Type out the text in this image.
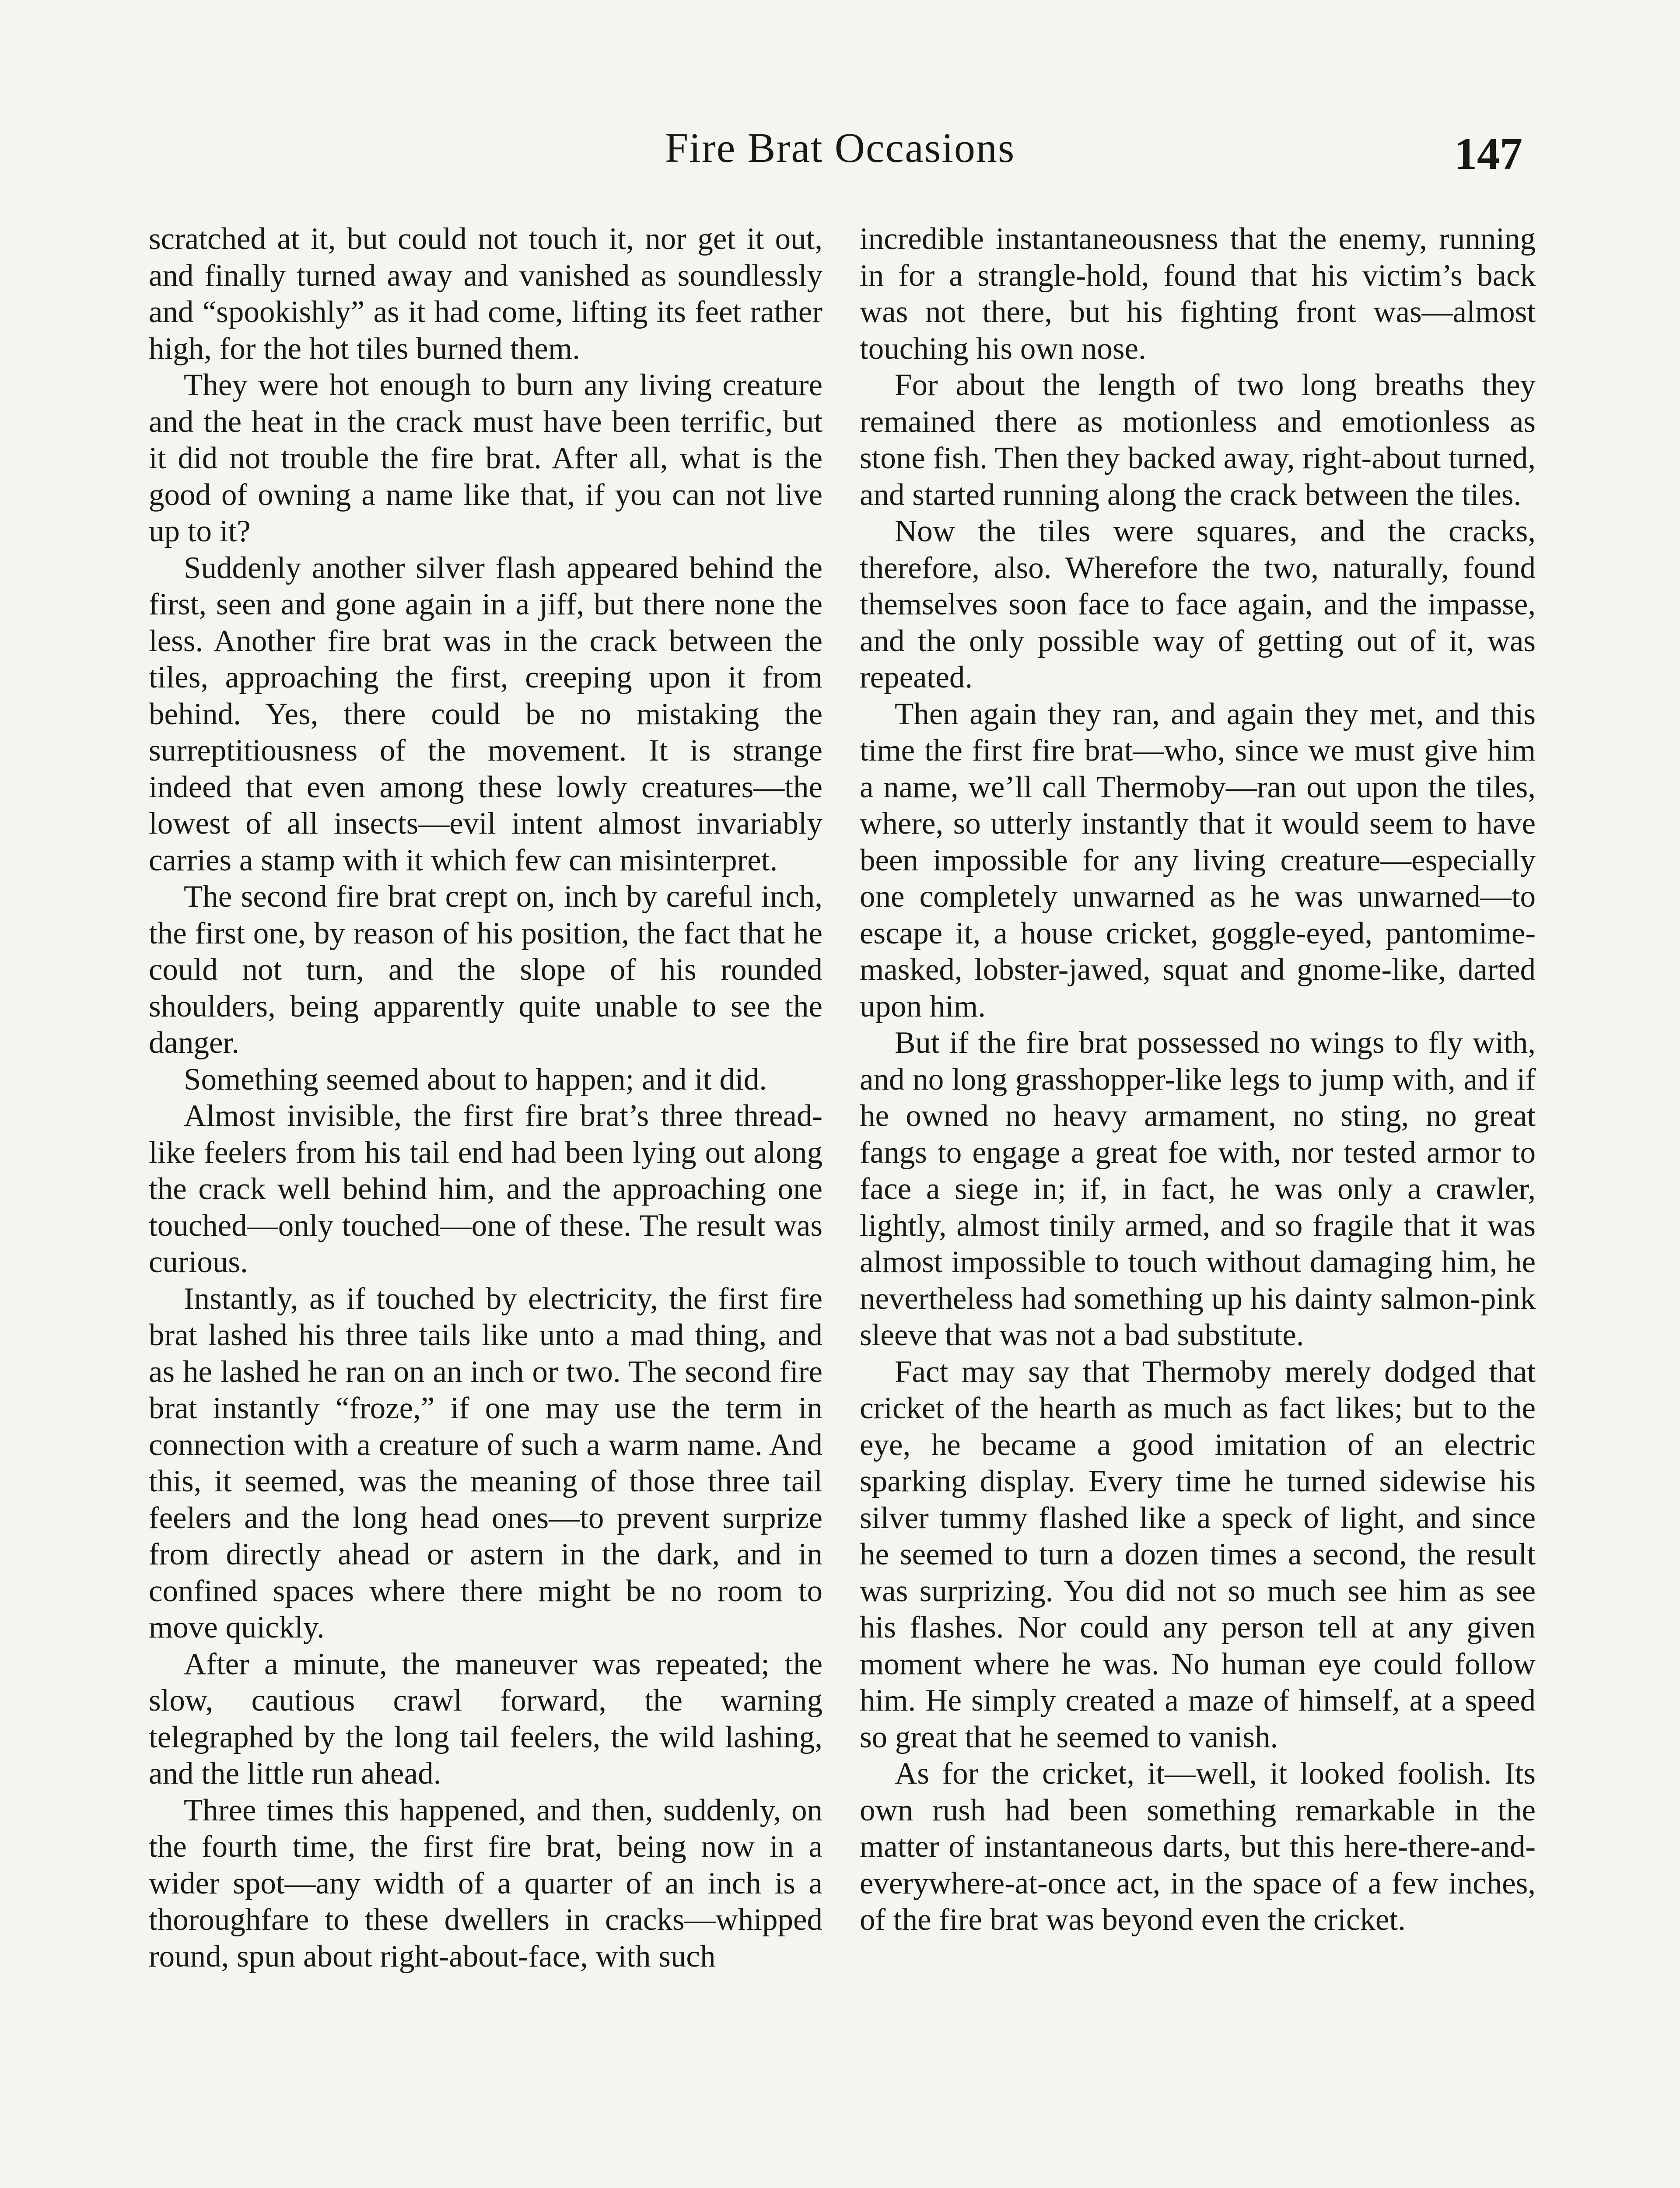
Fire Brat Occasions	147

scratched at it, but could not touch it, nor get it out, and finally turned away and vanished as soundlessly and “spookishly” as it had come, lifting its feet rather high, for the hot tiles burned them.

They were hot enough to burn any living creature and the heat in the crack must have been terrific, but it did not trouble the fire brat. After all, what is the good of owning a name like that, if you can not live up to it?

Suddenly another silver flash appeared behind the first, seen and gone again in a jiff, but there none the less. Another fire brat was in the crack between the tiles, approaching the first, creeping upon it from behind. Yes, there could be no mistaking the surreptitiousness of the movement. It is strange indeed that even among these lowly creatures—the lowest of all insects—evil intent almost invariably carries a stamp with it which few can misinterpret.

The second fire brat crept on, inch by careful inch, the first one, by reason of his position, the fact that he could not turn, and the slope of his rounded shoulders, being apparently quite unable to see the danger.

Something seemed about to happen; and it did.

Almost invisible, the first fire brat’s three thread-like feelers from his tail end had been lying out along the crack well behind him, and the approaching one touched—only touched—one of these. The result was curious.

Instantly, as if touched by electricity, the first fire brat lashed his three tails like unto a mad thing, and as he lashed he ran on an inch or two. The second fire brat instantly “froze,” if one may use the term in connection with a creature of such a warm name. And this, it seemed, was the meaning of those three tail feelers and the long head ones—to prevent surprize from directly ahead or astern in the dark, and in confined spaces where there might be no room to move quickly.

After a minute, the maneuver was repeated; the slow, cautious crawl forward, the warning telegraphed by the long tail feelers, the wild lashing, and the little run ahead.

Three times this happened, and then, suddenly, on the fourth time, the first fire brat, being now in a wider spot—any width of a quarter of an inch is a thoroughfare to these dwellers in cracks—whipped round, spun about right-about-face, with such

incredible instantaneousness that the enemy, running in for a strangle-hold, found that his victim’s back was not there, but his fighting front was—almost touching his own nose.

For about the length of two long breaths they remained there as motionless and emotionless as stone fish. Then they backed away, right-about turned, and started running along the crack between the tiles.

Now the tiles were squares, and the cracks, therefore, also. Wherefore the two, naturally, found themselves soon face to face again, and the impasse, and the only possible way of getting out of it, was repeated.

Then again they ran, and again they met, and this time the first fire brat—who, since we must give him a name, we’ll call Thermoby—ran out upon the tiles, where, so utterly instantly that it would seem to have been impossible for any living creature—especially one completely unwarned as he was unwarned—to escape it, a house cricket, goggle-eyed, pantomime-masked, lobster-jawed, squat and gnome-like, darted upon him.

But if the fire brat possessed no wings to fly with, and no long grasshopper-like legs to jump with, and if he owned no heavy armament, no sting, no great fangs to engage a great foe with, nor tested armor to face a siege in; if, in fact, he was only a crawler, lightly, almost tinily armed, and so fragile that it was almost impossible to touch without damaging him, he nevertheless had something up his dainty salmon-pink sleeve that was not a bad substitute.

Fact may say that Thermoby merely dodged that cricket of the hearth as much as fact likes; but to the eye, he became a good imitation of an electric sparking display. Every time he turned sidewise his silver tummy flashed like a speck of light, and since he seemed to turn a dozen times a second, the result was surprizing. You did not so much see him as see his flashes. Nor could any person tell at any given moment where he was. No human eye could follow him. He simply created a maze of himself, at a speed so great that he seemed to vanish.

As for the cricket, it—well, it looked foolish. Its own rush had been something remarkable in the matter of instantaneous darts, but this here-there-and-everywhere-at-once act, in the space of a few inches, of the fire brat was beyond even the cricket.
